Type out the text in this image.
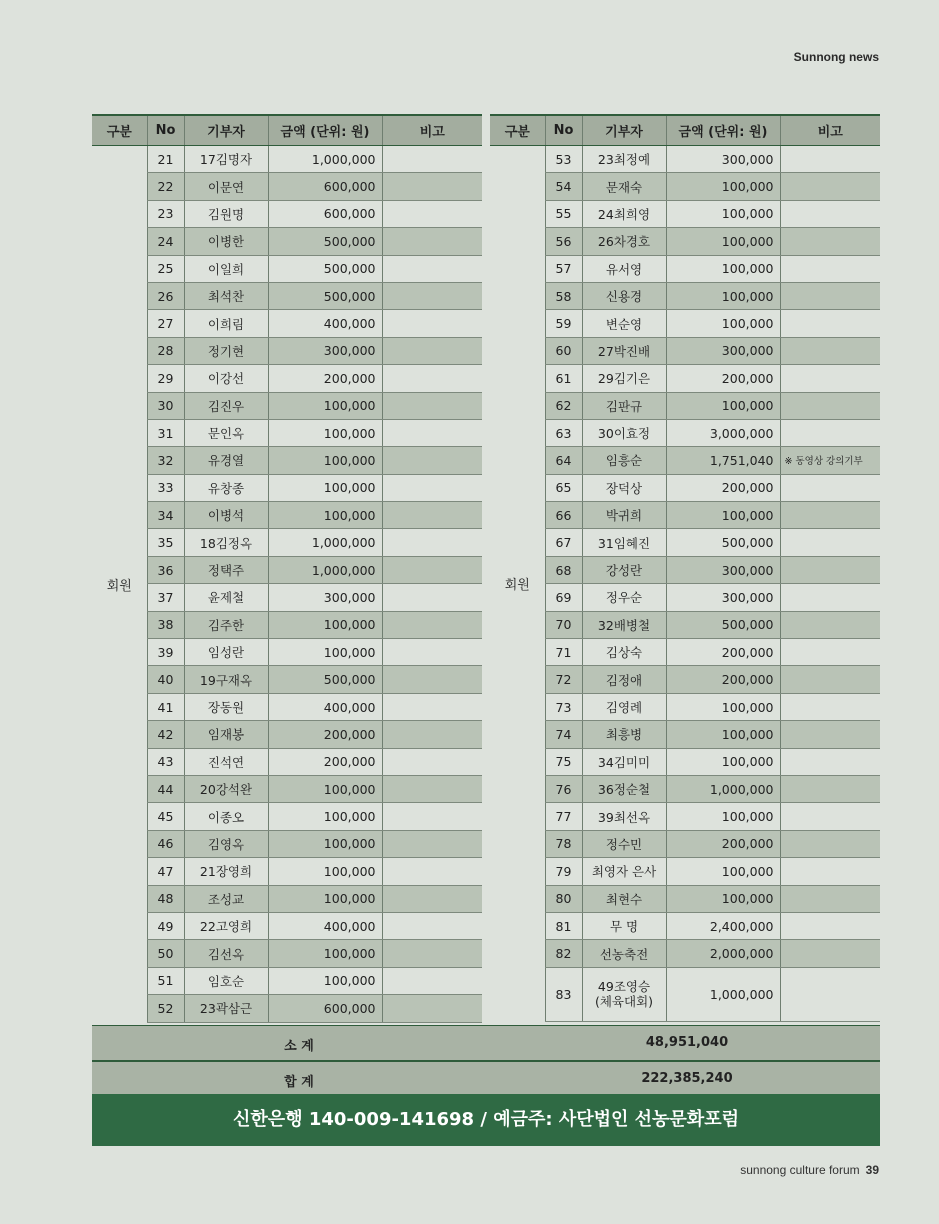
Sunnong news
구분	No	기부자	금액 (단위: 원)	비고
회원	21	17김명자	1,000,000	
	22	이문연	600,000	
	23	김원명	600,000	
	24	이병한	500,000	
	25	이일희	500,000	
	26	최석찬	500,000	
	27	이희림	400,000	
	28	정기현	300,000	
	29	이강선	200,000	
	30	김진우	100,000	
	31	문인옥	100,000	
	32	유경열	100,000	
	33	유창종	100,000	
	34	이병석	100,000	
	35	18김정옥	1,000,000	
	36	정택주	1,000,000	
	37	윤제철	300,000	
	38	김주한	100,000	
	39	임성란	100,000	
	40	19구재옥	500,000	
	41	장동원	400,000	
	42	임재봉	200,000	
	43	진석연	200,000	
	44	20강석완	100,000	
	45	이종오	100,000	
	46	김영옥	100,000	
	47	21장영희	100,000	
	48	조성교	100,000	
	49	22고영희	400,000	
	50	김선옥	100,000	
	51	임호순	100,000	
	52	23곽삼근	600,000	
구분	No	기부자	금액 (단위: 원)	비고
회원	53	23최정예	300,000	
	54	문재숙	100,000	
	55	24최희영	100,000	
	56	26차경호	100,000	
	57	유서영	100,000	
	58	신용경	100,000	
	59	변순영	100,000	
	60	27박진배	300,000	
	61	29김기은	200,000	
	62	김판규	100,000	
	63	30이효정	3,000,000	
	64	임흥순	1,751,040	※ 동영상 강의기부
	65	장덕상	200,000	
	66	박귀희	100,000	
	67	31임혜진	500,000	
	68	강성란	300,000	
	69	정우순	300,000	
	70	32배병철	500,000	
	71	김상숙	200,000	
	72	김정애	200,000	
	73	김영례	100,000	
	74	최흥병	100,000	
	75	34김미미	100,000	
	76	36정순철	1,000,000	
	77	39최선옥	100,000	
	78	정수민	200,000	
	79	최영자 은사	100,000	
	80	최현수	100,000	
	81	무 명	2,400,000	
	82	선농축전	2,000,000	
	83	49조영승
(체육대회)	1,000,000	
소 계	48,951,040
합 계	222,385,240
신한은행 140-009-141698 / 예금주: 사단법인 선농문화포럼
sunnong culture forum 39
